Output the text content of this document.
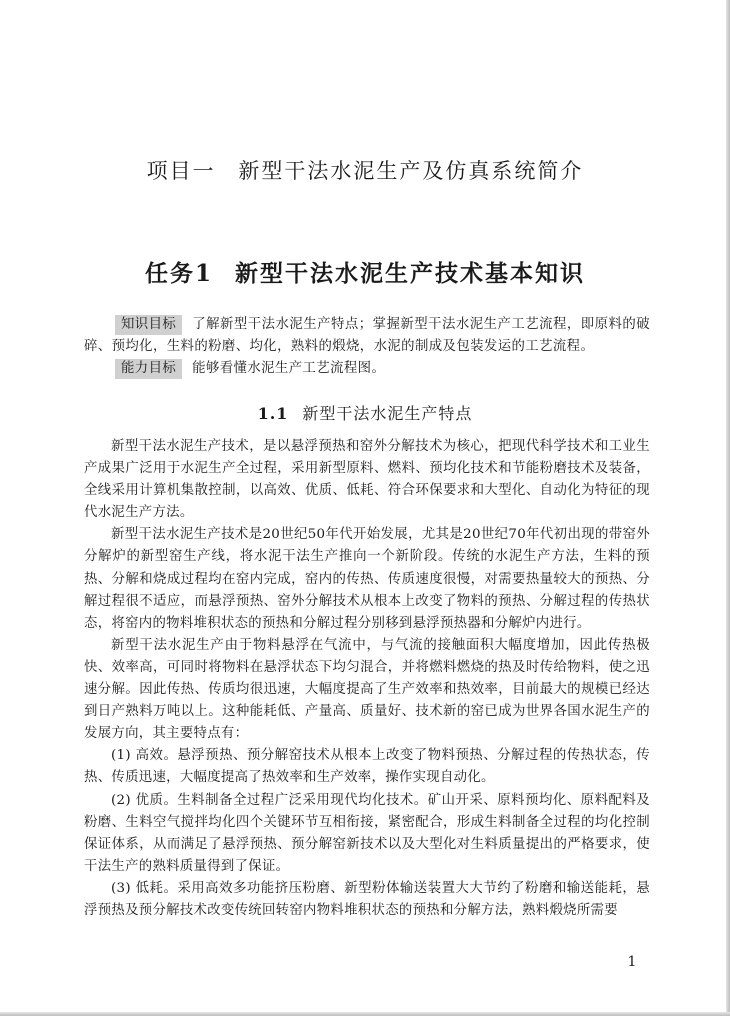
项目一 新型干法水泥生产及仿真系统简介
任务1 新型干法水泥生产技术基本知识
知识目标 了解新型干法水泥生产特点；掌握新型干法水泥生产工艺流程，即原料的破碎、预均化，生料的粉磨、均化，熟料的煅烧，水泥的制成及包装发运的工艺流程。
能力目标 能够看懂水泥生产工艺流程图。
1.1 新型干法水泥生产特点

新型干法水泥生产技术，是以悬浮预热和窑外分解技术为核心，把现代科学技术和工业生产成果广泛用于水泥生产全过程，采用新型原料、燃料、预均化技术和节能粉磨技术及装备，全线采用计算机集散控制，以高效、优质、低耗、符合环保要求和大型化、自动化为特征的现代水泥生产方法。

新型干法水泥生产技术是20世纪50年代开始发展，尤其是20世纪70年代初出现的带窑外分解炉的新型窑生产线，将水泥干法生产推向一个新阶段。传统的水泥生产方法，生料的预热、分解和烧成过程均在窑内完成，窑内的传热、传质速度很慢，对需要热量较大的预热、分解过程很不适应，而悬浮预热、窑外分解技术从根本上改变了物料的预热、分解过程的传热状态，将窑内的物料堆积状态的预热和分解过程分别移到悬浮预热器和分解炉内进行。

新型干法水泥生产由于物料悬浮在气流中，与气流的接触面积大幅度增加，因此传热极快、效率高，可同时将物料在悬浮状态下均匀混合，并将燃料燃烧的热及时传给物料，使之迅速分解。因此传热、传质均很迅速，大幅度提高了生产效率和热效率，目前最大的规模已经达到日产熟料万吨以上。这种能耗低、产量高、质量好、技术新的窑已成为世界各国水泥生产的发展方向，其主要特点有：

(1) 高效。悬浮预热、预分解窑技术从根本上改变了物料预热、分解过程的传热状态，传热、传质迅速，大幅度提高了热效率和生产效率，操作实现自动化。

(2) 优质。生料制备全过程广泛采用现代均化技术。矿山开采、原料预均化、原料配料及粉磨、生料空气搅拌均化四个关键环节互相衔接，紧密配合，形成生料制备全过程的均化控制保证体系，从而满足了悬浮预热、预分解窑新技术以及大型化对生料质量提出的严格要求，使干法生产的熟料质量得到了保证。

(3) 低耗。采用高效多功能挤压粉磨、新型粉体输送装置大大节约了粉磨和输送能耗，悬浮预热及预分解技术改变传统回转窑内物料堆积状态的预热和分解方法，熟料煅烧所需要

1
